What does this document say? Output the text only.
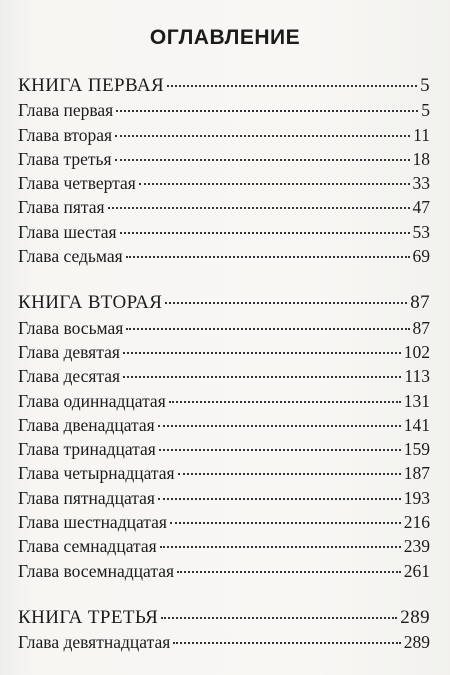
ОГЛАВЛЕНИЕ
КНИГА ПЕРВАЯ	5
Глава первая	5
Глава вторая	11
Глава третья	18
Глава четвертая	33
Глава пятая	47
Глава шестая	53
Глава седьмая	69
КНИГА ВТОРАЯ	87
Глава восьмая	87
Глава девятая	102
Глава десятая	113
Глава одиннадцатая	131
Глава двенадцатая	141
Глава тринадцатая	159
Глава четырнадцатая	187
Глава пятнадцатая	193
Глава шестнадцатая	216
Глава семнадцатая	239
Глава восемнадцатая	261
КНИГА ТРЕТЬЯ	289
Глава девятнадцатая	289
